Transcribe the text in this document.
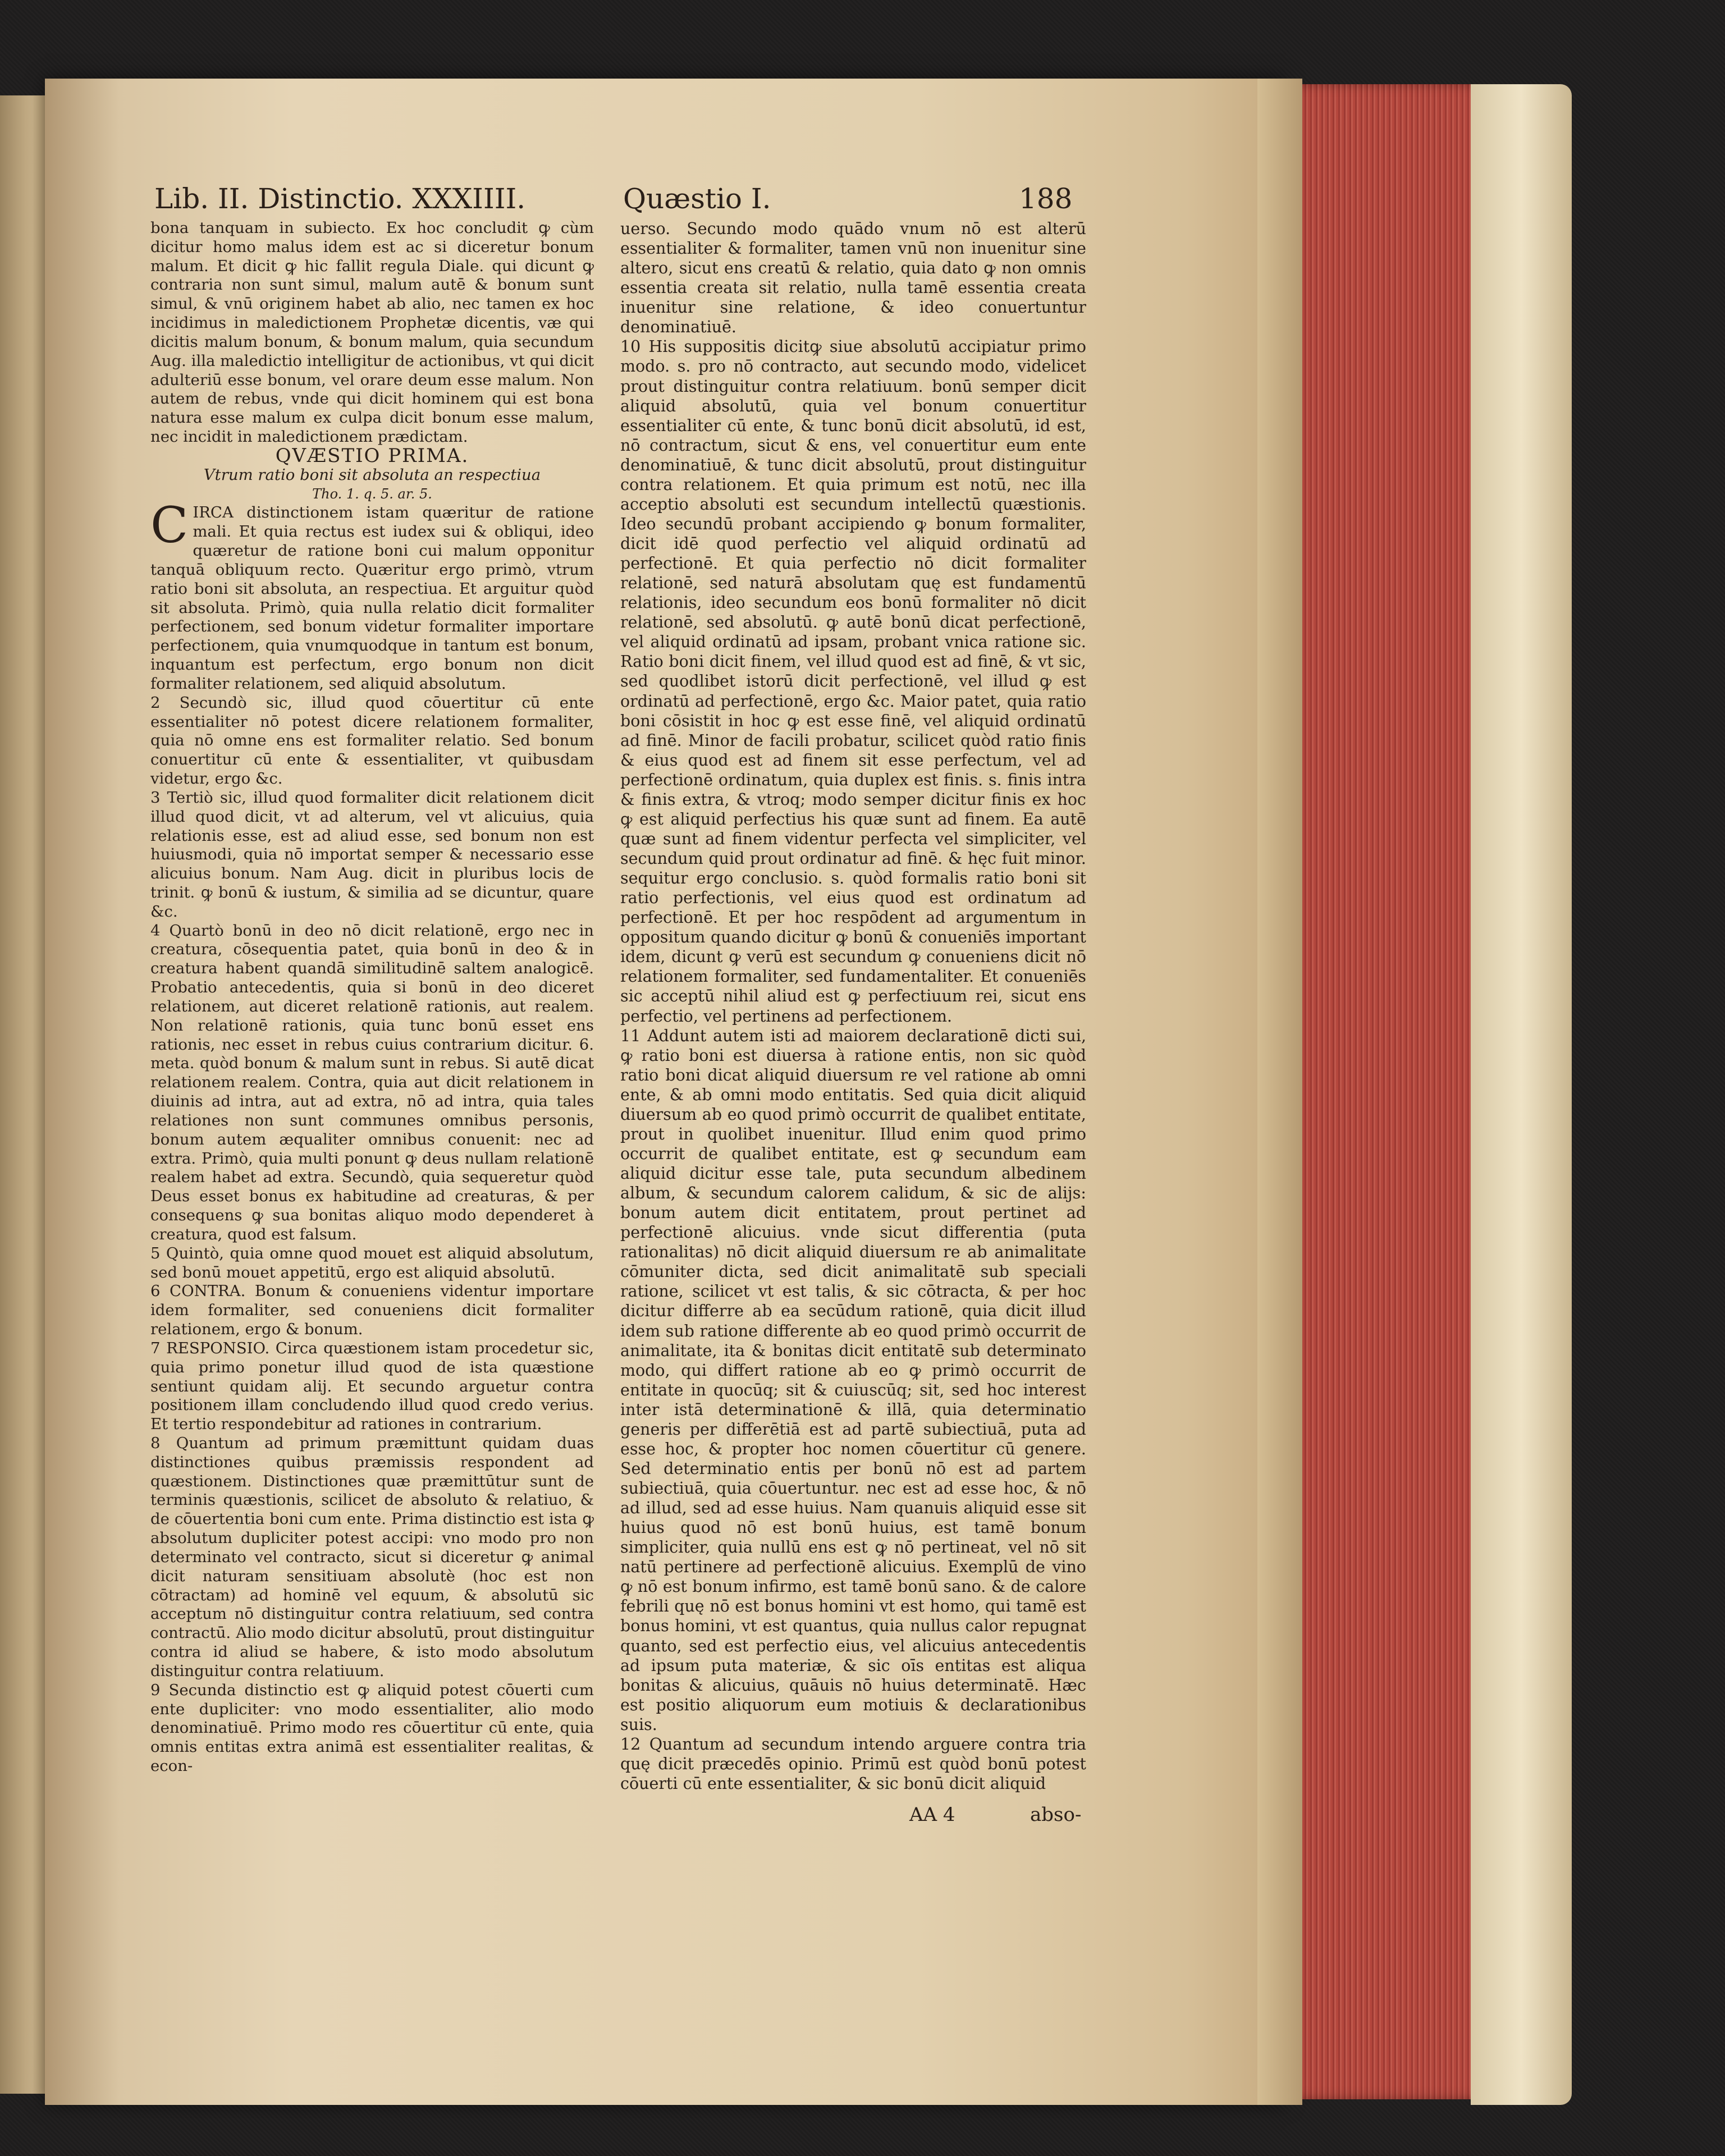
Lib. II. Distinctio. XXXIIII.	Quæstio I.	188

bona tanquam in subiecto. Ex hoc concludit ꝙ cùm dicitur homo malus idem est ac si diceretur bonum malum. Et dicit ꝙ hic fallit regula Diale. qui dicunt ꝙ contraria non sunt simul, malum autē & bonum sunt simul, & vnū originem habet ab alio, nec tamen ex hoc incidimus in maledictionem Prophetæ dicentis, væ qui dicitis malum bonum, & bonum malum, quia secundum Aug. illa maledictio intelligitur de actionibus, vt qui dicit adulteriū esse bonum, vel orare deum esse malum. Non autem de rebus, vnde qui dicit hominem qui est bona natura esse malum ex culpa dicit bonum esse malum, nec incidit in maledictionem prædictam.

QVÆSTIO PRIMA.

Vtrum ratio boni sit absoluta an respectiua

Tho. 1. q. 5. ar. 5.

CIRCA distinctionem istam quæritur de ratione mali. Et quia rectus est iudex sui & obliqui, ideo quæretur de ratione boni cui malum opponitur tanquā obliquum recto. Quæritur ergo primò, vtrum ratio boni sit absoluta, an respectiua. Et arguitur quòd sit absoluta. Primò, quia nulla relatio dicit formaliter perfectionem, sed bonum videtur formaliter importare perfectionem, quia vnumquodque in tantum est bonum, inquantum est perfectum, ergo bonum non dicit formaliter relationem, sed aliquid absolutum.

2 Secundò sic, illud quod cōuertitur cū ente essentialiter nō potest dicere relationem formaliter, quia nō omne ens est formaliter relatio. Sed bonum conuertitur cū ente & essentialiter, vt quibusdam videtur, ergo &c.

3 Tertiò sic, illud quod formaliter dicit relationem dicit illud quod dicit, vt ad alterum, vel vt alicuius, quia relationis esse, est ad aliud esse, sed bonum non est huiusmodi, quia nō importat semper & necessario esse alicuius bonum. Nam Aug. dicit in pluribus locis de trinit. ꝙ bonū & iustum, & similia ad se dicuntur, quare &c.

4 Quartò bonū in deo nō dicit relationē, ergo nec in creatura, cōsequentia patet, quia bonū in deo & in creatura habent quandā similitudinē saltem analogicē. Probatio antecedentis, quia si bonū in deo diceret relationem, aut diceret relationē rationis, aut realem. Non relationē rationis, quia tunc bonū esset ens rationis, nec esset in rebus cuius contrarium dicitur. 6. meta. quòd bonum & malum sunt in rebus. Si autē dicat relationem realem. Contra, quia aut dicit relationem in diuinis ad intra, aut ad extra, nō ad intra, quia tales relationes non sunt communes omnibus personis, bonum autem æqualiter omnibus conuenit: nec ad extra. Primò, quia multi ponunt ꝙ deus nullam relationē realem habet ad extra. Secundò, quia sequeretur quòd Deus esset bonus ex habitudine ad creaturas, & per consequens ꝙ sua bonitas aliquo modo dependeret à creatura, quod est falsum.

5 Quintò, quia omne quod mouet est aliquid absolutum, sed bonū mouet appetitū, ergo est aliquid absolutū.

6 CONTRA. Bonum & conueniens videntur importare idem formaliter, sed conueniens dicit formaliter relationem, ergo & bonum.

7 RESPONSIO. Circa quæstionem istam procedetur sic, quia primo ponetur illud quod de ista quæstione sentiunt quidam alij. Et secundo arguetur contra positionem illam concludendo illud quod credo verius. Et tertio respondebitur ad rationes in contrarium.

8 Quantum ad primum præmittunt quidam duas distinctiones quibus præmissis respondent ad quæstionem. Distinctiones quæ præmittūtur sunt de terminis quæstionis, scilicet de absoluto & relatiuo, & de cōuertentia boni cum ente. Prima distinctio est ista ꝙ absolutum dupliciter potest accipi: vno modo pro non determinato vel contracto, sicut si diceretur ꝙ animal dicit naturam sensitiuam absolutè (hoc est non cōtractam) ad hominē vel equum, & absolutū sic acceptum nō distinguitur contra relatiuum, sed contra contractū. Alio modo dicitur absolutū, prout distinguitur contra id aliud se habere, & isto modo absolutum distinguitur contra relatiuum.

9 Secunda distinctio est ꝙ aliquid potest cōuerti cum ente dupliciter: vno modo essentialiter, alio modo denominatiuē. Primo modo res cōuertitur cū ente, quia omnis entitas extra animā est essentialiter realitas, & econ-

uerso. Secundo modo quādo vnum nō est alterū essentialiter & formaliter, tamen vnū non inuenitur sine altero, sicut ens creatū & relatio, quia dato ꝙ non omnis essentia creata sit relatio, nulla tamē essentia creata inuenitur sine relatione, & ideo conuertuntur denominatiuē.

10 His suppositis dicitꝙ siue absolutū accipiatur primo modo. s. pro nō contracto, aut secundo modo, videlicet prout distinguitur contra relatiuum. bonū semper dicit aliquid absolutū, quia vel bonum conuertitur essentialiter cū ente, & tunc bonū dicit absolutū, id est, nō contractum, sicut & ens, vel conuertitur eum ente denominatiuē, & tunc dicit absolutū, prout distinguitur contra relationem. Et quia primum est notū, nec illa acceptio absoluti est secundum intellectū quæstionis. Ideo secundū probant accipiendo ꝙ bonum formaliter, dicit idē quod perfectio vel aliquid ordinatū ad perfectionē. Et quia perfectio nō dicit formaliter relationē, sed naturā absolutam quę est fundamentū relationis, ideo secundum eos bonū formaliter nō dicit relationē, sed absolutū. ꝙ autē bonū dicat perfectionē, vel aliquid ordinatū ad ipsam, probant vnica ratione sic. Ratio boni dicit finem, vel illud quod est ad finē, & vt sic, sed quodlibet istorū dicit perfectionē, vel illud ꝙ est ordinatū ad perfectionē, ergo &c. Maior patet, quia ratio boni cōsistit in hoc ꝙ est esse finē, vel aliquid ordinatū ad finē. Minor de facili probatur, scilicet quòd ratio finis & eius quod est ad finem sit esse perfectum, vel ad perfectionē ordinatum, quia duplex est finis. s. finis intra & finis extra, & vtroq; modo semper dicitur finis ex hoc ꝙ est aliquid perfectius his quæ sunt ad finem. Ea autē quæ sunt ad finem videntur perfecta vel simpliciter, vel secundum quid prout ordinatur ad finē. & hęc fuit minor. sequitur ergo conclusio. s. quòd formalis ratio boni sit ratio perfectionis, vel eius quod est ordinatum ad perfectionē. Et per hoc respōdent ad argumentum in oppositum quando dicitur ꝙ bonū & conueniēs important idem, dicunt ꝙ verū est secundum ꝙ conueniens dicit nō relationem formaliter, sed fundamentaliter. Et conueniēs sic acceptū nihil aliud est ꝙ perfectiuum rei, sicut ens perfectio, vel pertinens ad perfectionem.

11 Addunt autem isti ad maiorem declarationē dicti sui, ꝙ ratio boni est diuersa à ratione entis, non sic quòd ratio boni dicat aliquid diuersum re vel ratione ab omni ente, & ab omni modo entitatis. Sed quia dicit aliquid diuersum ab eo quod primò occurrit de qualibet entitate, prout in quolibet inuenitur. Illud enim quod primo occurrit de qualibet entitate, est ꝙ secundum eam aliquid dicitur esse tale, puta secundum albedinem album, & secundum calorem calidum, & sic de alijs: bonum autem dicit entitatem, prout pertinet ad perfectionē alicuius. vnde sicut differentia (puta rationalitas) nō dicit aliquid diuersum re ab animalitate cōmuniter dicta, sed dicit animalitatē sub speciali ratione, scilicet vt est talis, & sic cōtracta, & per hoc dicitur differre ab ea secūdum rationē, quia dicit illud idem sub ratione differente ab eo quod primò occurrit de animalitate, ita & bonitas dicit entitatē sub determinato modo, qui differt ratione ab eo ꝙ primò occurrit de entitate in quocūq; sit & cuiuscūq; sit, sed hoc interest inter istā determinationē & illā, quia determinatio generis per differētiā est ad partē subiectiuā, puta ad esse hoc, & propter hoc nomen cōuertitur cū genere. Sed determinatio entis per bonū nō est ad partem subiectiuā, quia cōuertuntur. nec est ad esse hoc, & nō ad illud, sed ad esse huius. Nam quanuis aliquid esse sit huius quod nō est bonū huius, est tamē bonum simpliciter, quia nullū ens est ꝙ nō pertineat, vel nō sit natū pertinere ad perfectionē alicuius. Exemplū de vino ꝙ nō est bonum infirmo, est tamē bonū sano. & de calore febrili quę nō est bonus homini vt est homo, qui tamē est bonus homini, vt est quantus, quia nullus calor repugnat quanto, sed est perfectio eius, vel alicuius antecedentis ad ipsum puta materiæ, & sic oīs entitas est aliqua bonitas & alicuius, quāuis nō huius determinatē. Hæc est positio aliquorum eum motiuis & declarationibus suis.

12 Quantum ad secundum intendo arguere contra tria quę dicit præcedēs opinio. Primū est quòd bonū potest cōuerti cū ente essentialiter, & sic bonū dicit aliquid

AA 4	abso-
